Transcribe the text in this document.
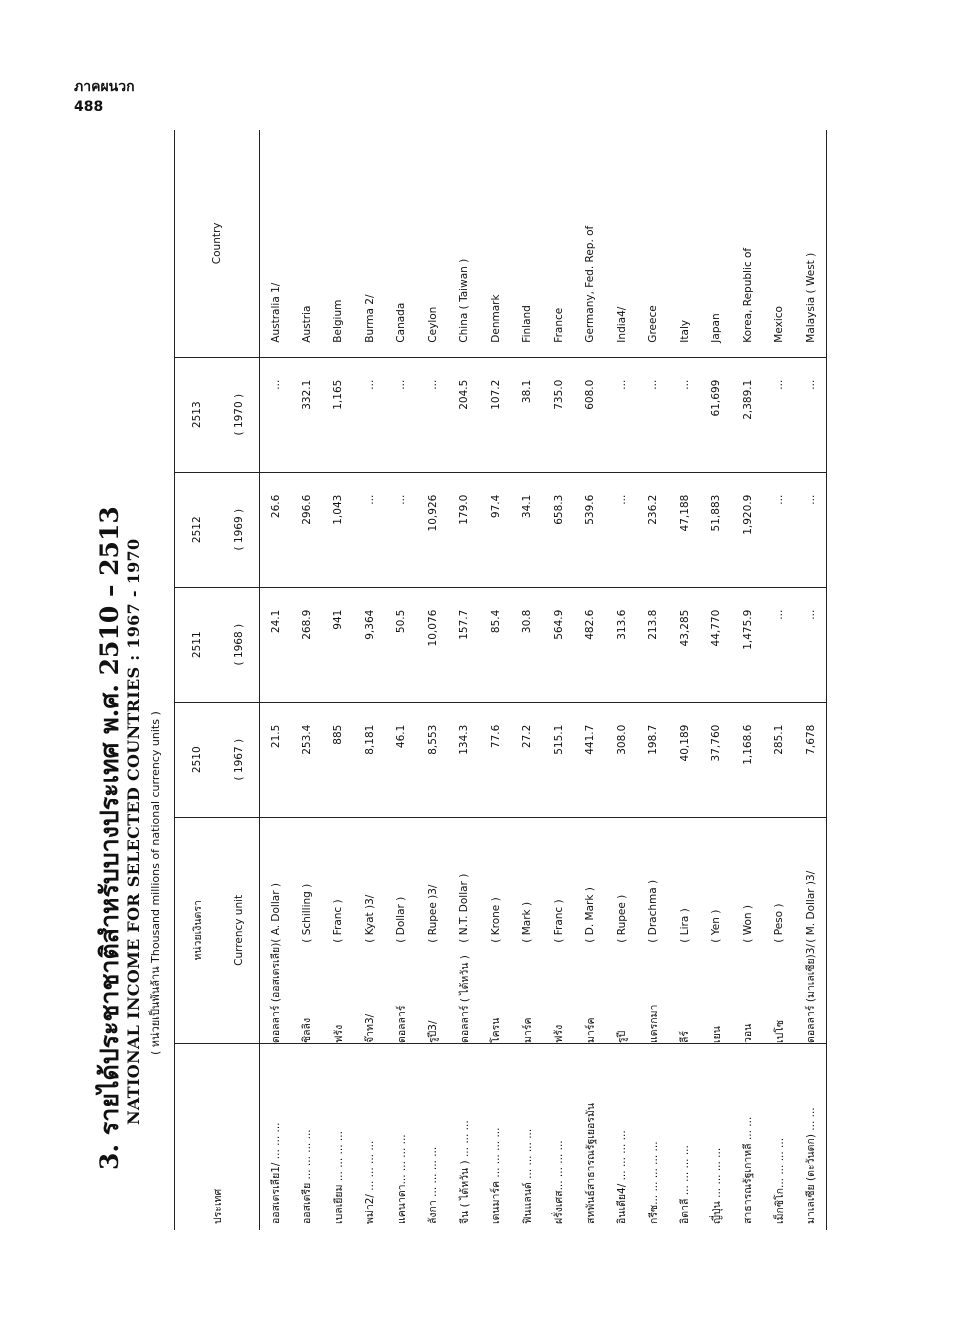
ภาคผนวก
488
3. รายได้ประชาชาติสำหรับบางประเทศ พ.ศ. 2510 – 2513 NATIONAL INCOME FOR SELECTED COUNTRIES : 1967 - 1970 ( หน่วยเป็นพันล้าน Thousand millions of national currency units )
ประเทศ	หน่วยเงินตรา		2510	2511	2512	2513	Country
	Currency unit		( 1967 )	( 1968 )	( 1969 )	( 1970 )	
ออสเตรเลีย1/ ... ... ...	ดอลลาร์ (ออสเตรเลีย)	( A. Dollar )	21.5	24.1	26.6	...	Australia 1/
ออสเตรีย ... ... ... ...	ชิลลิง	( Schilling )	253.4	268.9	296.6	332.1	Austria
เบลเยียม ... ... ... ...	ฟรัง	( Franc )	885	941	1,043	1,165	Belgium
พม่า2/ ... ... ... ...	จ๊าท3/	( Kyat )3/	8,181	9,364	...	...	Burma 2/
แคนาดา... ... ... ...	ดอลลาร์	( Dollar )	46.1	50.5	...	...	Canada
ลังกา ... ... ... ...	รูปี3/	( Rupee )3/	8,553	10,076	10,926	...	Ceylon
จีน ( ไต้หวัน ) ... ... ...	ดอลลาร์ ( ไต้หวัน )	( N.T. Dollar )	134.3	157.7	179.0	204.5	China ( Taiwan )
เดนมาร์ค ... ... ... ...	โครน	( Krone )	77.6	85.4	97.4	107.2	Denmark
ฟินแลนด์ ... ... ... ...	มาร์ค	( Mark )	27.2	30.8	34.1	38.1	Finland
ฝรั่งเศส... ... ... ...	ฟรัง	( Franc )	515.1	564.9	658.3	735.0	France
สหพันธ์สาธารณรัฐเยอรมัน	มาร์ค	( D. Mark )	441.7	482.6	539.6	608.0	Germany, Fed. Rep. of
อินเดีย4/ ... ... ... ...	รูปี	( Rupee )	308.0	313.6	...	...	India4/
กรีซ... ... ... ... ...	แดรกมา	( Drachma )	198.7	213.8	236.2	...	Greece
อิตาลี ... ... ... ...	ลีร์	( Lira )	40,189	43,285	47,188	...	Italy
ญี่ปุ่น ... ... ... ...	เยน	( Yen )	37,760	44,770	51,883	61,699	Japan
สาธารณรัฐเกาหลี ... ...	วอน	( Won )	1,168.6	1,475.9	1,920.9	2,389.1	Korea, Republic of
เม็กซิโก... ... ... ...	เปโซ	( Peso )	285.1	...	...	...	Mexico
มาเลเซีย (ตะวันตก) ... ...	ดอลลาร์ (มาเลเซีย)3/	( M. Dollar )3/	7,678	...	...	...	Malaysia ( West )
